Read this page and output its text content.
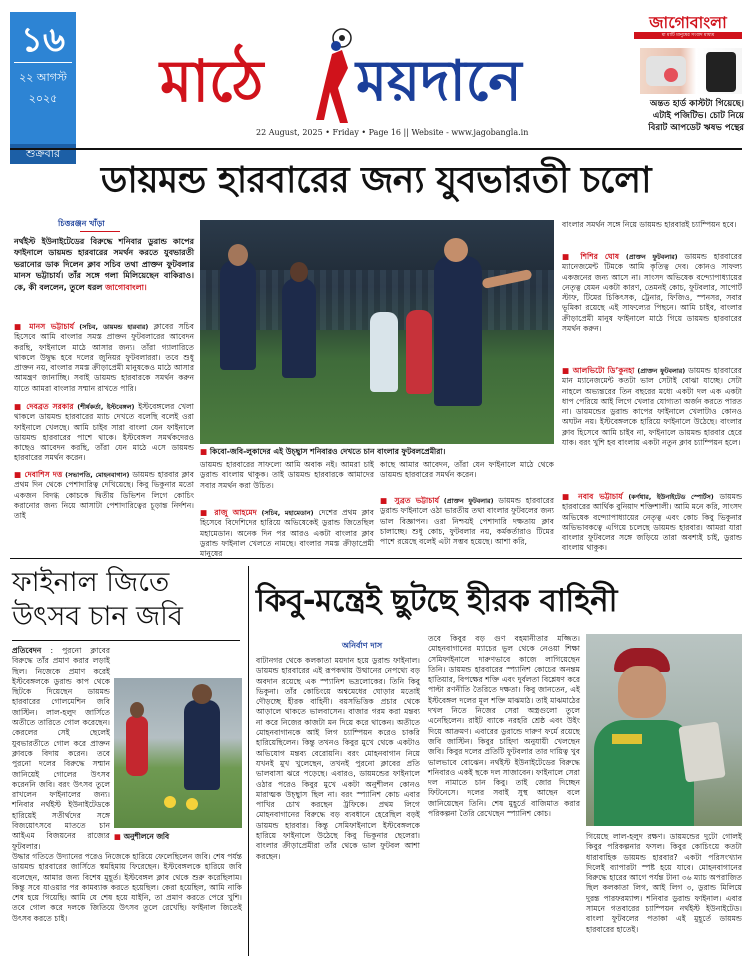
১৬
২২ আগস্ট
২০২৫
শুক্রবার
মাঠে ময়দানে
22 August, 2025 • Friday • Page 16 || Website - www.jagobangla.in
জাগোবাংলা
মা মাটি মানুষের সংবাদ মাধ্যম
অন্তত হার্ড কাস্টটা গিয়েছে।
এটাই পজিটিভ। চোট নিয়ে
বিরাট আপডেট ঋষভ পন্থের
ডায়মন্ড হারবারের জন্য যুবভারতী চলো
চিত্তরঞ্জন খাঁড়া
নর্থইস্ট ইউনাইটেডের বিরুদ্ধে শনিবার ডুরান্ড কাপের ফাইনালে ডায়মন্ড হারবারের সমর্থন করতে যুবভারতী ভরানোর ডাক দিলেন ক্লাব সচিব তথা প্রাক্তন ফুটবলার মানস ভট্টাচার্য। তাঁর সঙ্গে গলা মিলিয়েছেন বাকিরাও। কে, কী বললেন, তুলে ধরল জাগোবাংলা।
■ মানস ভট্টাচার্য (সচিব, ডায়মন্ড হারবার) ক্লাবের সচিব হিসেবে আমি বাংলার সমস্ত প্রাক্তন ফুটবলারের আবেদন করছি, ফাইনালে মাঠে আসার জন্য। তাঁরা গ্যালারিতে থাকলে উদ্বুদ্ধ হবে দলের জুনিয়র ফুটবলাররা। তবে শুধু প্রাক্তন নয়, বাংলার সমস্ত ক্রীড়াপ্রেমী মানুষকেও মাঠে আসার আমন্ত্রণ জানাচ্ছি। সবাই ডায়মন্ড হারবারকে সমর্থন করুন যাতে আমরা বাংলার সম্মান রাখতে পারি।
■ দেবব্রত সরকার (শীর্ষকর্তা, ইস্টবেঙ্গল) ইস্টবেঙ্গলের খেলা থাকলে ডায়মন্ড হারবারের ম্যাচ দেখতে বলেছি বলেই ওরা ফাইনালে খেলছে। আমি চাইব সারা বাংলা যেন ফাইনালে ডায়মন্ড হারবারের পাশে থাকে। ইস্টবেঙ্গল সমর্থকদেরও কাছেও আবেদন করছি, তাঁরা যেন মাঠে এসে ডায়মন্ড হারবারের সমর্থন করেন।
■ দেবাশিস দত্ত (সভাপতি, মোহনবাগান) ডায়মন্ড হারবার ক্লাব প্রথম দিন থেকে পেশাদারিত্ব দেখিয়েছে। কিবু ভিকুনার মতো একজন বিদগ্ধ কোচকে দ্বিতীয় ডিভিশন লিগে কোচিং করানোর জন্য নিয়ে আসাটা পেশাদারিত্বের চূড়ান্ত নির্দশন। তাই
■ কিবো-জবি-লুকাদের এই উচ্ছ্বাস শনিবারও দেখতে চান বাংলার ফুটবলপ্রেমীরা।
ডায়মন্ড হারবারের সাফল্যে আমি অবাক নই। আমরা চাই ডুরান্ড বাংলায় থাকুক। তাই ডায়মন্ড হারবারকে আমাদের সবার সমর্থন করা উচিত।
কাছে আমার আবেদন, তাঁরা যেন ফাইনালে মাঠে থেকে ডায়মন্ড হারবারের সমর্থন করেন।
■ রাজু আহমেদ (সচিব, মহামেডান) দেশের প্রথম ক্লাব হিসেবে বিদেশিদের হারিয়ে অভিষেকেই ডুরান্ড জিতেছিল মহামেডান। অনেক দিন পর আরও একটা বাংলার ক্লাব ডুরান্ড ফাইনাল খেলতে নামছে। বাংলার সমস্ত ক্রীড়াপ্রেমী মানুষের
■ সুব্রত ভট্টাচার্য (প্রাক্তন ফুটবলার) ডায়মন্ড হারবারের ডুরান্ড ফাইনালে ওঠা ভারতীয় তথা বাংলার ফুটবলের জন্য ভাল বিজ্ঞাপন। ওরা নিশ্চয়ই পেশাদারি দক্ষতায় ক্লাব চালাচ্ছে। শুধু কোচ, ফুটবলার নয়, কর্মকর্তারাও টিমের পাশে রয়েছে বলেই এটা সম্ভব হয়েছে। আশা করি,
বাংলার সমর্থন সঙ্গে নিয়ে ডায়মন্ড হারবারই চ্যাম্পিয়ন হবে।
■ শিশির ঘোষ (প্রাক্তন ফুটবলার) ডায়মন্ড হারবারের ম্যানেজমেন্ট টিমকে আমি কৃতিত্ব দেব। কোনও সাফল্য একজনের জন্য আসে না। সাংসদ অভিষেক বন্দ্যোপাধ্যায়ের নেতৃত্ব যেমন একটা কারণ, তেমনই কোচ, ফুটবলার, সাপোর্ট স্টাফ, টিমের চিকিৎসক, ট্রেনার, ফিজিও, স্পনসর, সবার ভূমিকা রয়েছে এই সাফল্যের পিছনে। আমি চাইব, বাংলার ক্রীড়াপ্রেমী মানুষ ফাইনালে মাঠে গিয়ে ডায়মন্ড হারবারের সমর্থন করুন।
■ আলভিটো ডি’কুনহা (প্রাক্তন ফুটবলার) ডায়মন্ড হারবারের মান ম্যানেজমেন্ট কতটা ভাল সেটাই বোঝা যাচ্ছে। সেটা নাহলে অভ্যন্তরের তিন বছরের মধ্যে একটা দল এক একটা ধাপ পেরিয়ে আই লিগে খেলার যোগ্যতা অর্জন করতে পারত না। ডায়মন্ডের ডুরান্ড কাপের ফাইনালে খেলাটাও কোনও অঘটন নয়। ইস্টবেঙ্গলকে হারিয়ে ফাইনালে উঠেছে। বাংলার ক্লাব হিসেবে আমি চাইব না, ফাইনালে ডায়মন্ড হারবার হেরে যাক। বরং খুশি হব বাংলায় একটা নতুন ক্লাব চ্যাম্পিয়ন হলে।
■ নবাব ভট্টাচার্য (কর্ণধার, ইউনাইটেড স্পোর্টস) ডায়মন্ড হারবারের আর্থিক বুনিয়াদ শক্তিশালী। আমি মনে করি, সাংসদ অভিষেক বন্দ্যোপাধ্যায়ের নেতৃত্ব এবং কোচ কিবু ভিকুনার অভিভাবকত্বে এগিয়ে চলেছে ডায়মন্ড হারবার। আমরা যারা বাংলার ফুটবলের সঙ্গে জড়িয়ে তারা অবশ্যই চাই, ডুরান্ড বাংলায় থাকুক।
ফাইনাল জিতে
উৎসব চান জবি
প্রতিবেদন : পুরনো ক্লাবের বিরুদ্ধে তাঁর প্রমাণ করার লড়াই ছিল। নিজেকে প্রমাণ করেই ইস্টবেঙ্গলকে ডুরান্ড কাপ থেকে ছিটকে দিয়েছেন ডায়মন্ড হারবারের গোলমেশিন জবি জাস্টিন। লাল-হলুদ জার্সিতে অতীতে তারিতে গোল করেছেন। কেরলের সেই ছেলেই যুবভারতীতে গোল করে প্রাক্তন ক্লাবকে বিদায় করেন। তবে পুরনো দলের বিরুদ্ধে সম্মান জানিয়েই গোলের উৎসব করেননি জবি। বরং উৎসব তুলে রাখলেন ফাইনালের জন্য। শনিবার নর্থইস্ট ইউনাইটেডকে হারিয়েই সতীর্থদের সঙ্গে বিজয়োৎসবে মাততে চান আইএম বিজয়নের রাজ্যের ফুটবলার।
■ অনুশীলনে জবি
উদ্ধার গতিতে উদ্যানের পরেও নিজেকে হারিয়ে ফেলেছিলেন জবি। শেষ পর্যন্ত ডায়মন্ড হারবারের জার্সিতে স্বমহিমায় ফিরেছেন। ইস্টবেঙ্গলকে হারিয়ে জবি বলেছেন, আমার জন্য বিশেষ মুহূর্ত। ইস্টবেঙ্গল ক্লাব থেকে শুরু করেছিলাম। কিন্তু সবে যাওয়ার পর কামব্যাক করতে হয়েছিল। কেরা হয়েছিল, আমি নাকি শেষ হয়ে গিয়েছি। আমি যে শেষ হয়ে যাইনি, তা প্রমাণ করতে পেরে খুশি। তবে গোল করে দলকে জিতিয়ে উৎসব তুলে রেখেছি। ফাইনাল জিতেই উৎসব করতে চাই।
কিবু-মন্ত্রেই ছুটছে হীরক বাহিনী
অনির্বাণ দাস
বাটানগর থেকে কলকাতা ময়দান হয়ে ডুরান্ড ফাইনাল। ডায়মন্ড হারবারের এই রূপকথায় উত্থানের নেপথ্যে বড় অবদান রয়েছে এক স্প্যানিশ ভদ্রলোকের। তিনি কিবু ভিকুনা। তাঁর কোচিংয়ে অশ্বমেধের ঘোড়ার মতোই দৌড়চ্ছে হীরক বাহিনী। বয়সভিত্তিক প্রচার থেকে আড়ালে থাকতে ভালবাসেন। বাজার গরম করা মন্তব্য না করে নিজের কাজটা মন দিয়ে করে থাকেন। অতীতে মোহনবাগানকে আই লিগ চ্যাম্পিয়ন করেও চাকরি হারিয়েছিলেন। কিন্তু তখনও কিবুর মুখে থেকে একটাও অভিযোগ মন্তব্য বেরোয়নি। বরং মোহনবাগান নিয়ে যখনই মুখ খুলেছেন, তখনই পুরনো ক্লাবের প্রতি ভালবাসা ঝরে পড়েছে। এবারও, ডায়মন্ডের ফাইনালে ওঠার পরেও কিবুর মুখে একটা অনুশীলন কোনও মারাত্মক উচ্ছ্বাস ছিল না। বরং স্প্যানিশ কোচ এবার পাখির চোখ করছেন ট্রফিকে। প্রথম লিগে মোহনবাগানের বিরুদ্ধে বড় ব্যবধানে হেরেছিল বড়ই ডায়মন্ড হারবার। কিন্তু সেমিফাইনালে ইস্টবেঙ্গলকে হারিয়ে ফাইনালে উঠেছে কিবু ভিকুনার ছেলেরা। বাংলার ক্রীড়াপ্রেমীরা তাঁর থেকে ভাল ফুটবল আশা করছেন।
তবে কিবুর বড় গুণ বহমানীতার মজ্জিত। মোহনবাগানের ম্যাচের ভুল থেকে নেওয়া শিক্ষা সেমিফাইনালে দারুণভাবে কাজে লাগিয়েছেন তিনি। ডায়মন্ড হারবারের স্প্যানিশ কোচের অনন্তম হাতিয়ার, বিপক্ষের শক্তি এবং দুর্বলতা বিশ্লেষণ করে পাল্টা রণনীতি তৈরিতে দক্ষতা। কিবু জানতেন, এই ইস্টবেঙ্গল দলের মূল শক্তি মাঝমাঠ। তাই মাঝমাঠের দখল নিতে নিজের সেরা অস্ত্রগুলো তুলে এনেছিলেন। রাইট ব্যাকে নরহরি শ্রেষ্ঠ এবং উইং দিয়ে আক্রমণ। এবারের ডুরান্ডে দারুণ ফর্মে রয়েছে জবি জাস্টিন। কিবুর চাহিদা অনুযায়ী খেলছেন জবি। কিবুর দলের প্রতিটি ফুটবলার তার দায়িত্ব খুব ভালভাবে বোঝেন। নর্থইস্ট ইউনাইটেডের বিরুদ্ধে শনিবারও একই ছকে দল সাজাবেন। ফাইনালে সেরা দল নামাতে চান কিবু। তাই জোর দিচ্ছেন ফিটনেসে। দলের সবাই সুস্থ আছেন বলে জানিয়েছেন তিনি। শেষ মুহূর্তে বাজিমাত করার পরিকল্পনা তৈরি রেখেছেন স্প্যানিশ কোচ।
গিয়েছে লাল-হলুদ রক্ষণ। ডায়মন্ডের দুটো গোলই কিবুর পরিকল্পনার ফসল। কিবুর কোচিংয়ে কতটা ধারাবাহিক ডায়মন্ড হারবার? একটা পরিসংখ্যান দিলেই ব্যাপারটা স্পষ্ট হয়ে যাবে। মোহনবাগানের বিরুদ্ধে হারের আগে পর্যন্ত টানা ৩৬ ম্যাচ অপরাজিত ছিল কলকাতা লিগ, আই লিগ ৩, ডুরান্ড মিলিয়ে দুরন্ত পারফরম্যান্স। শনিবার ডুরান্ড ফাইনাল। এবার সামনে গতবারের চ্যাম্পিয়ন নর্থইস্ট ইউনাইটেড। বাংলা ফুটবলের পতাকা এই মুহূর্তে ডায়মন্ড হারবারের হাতেই।
